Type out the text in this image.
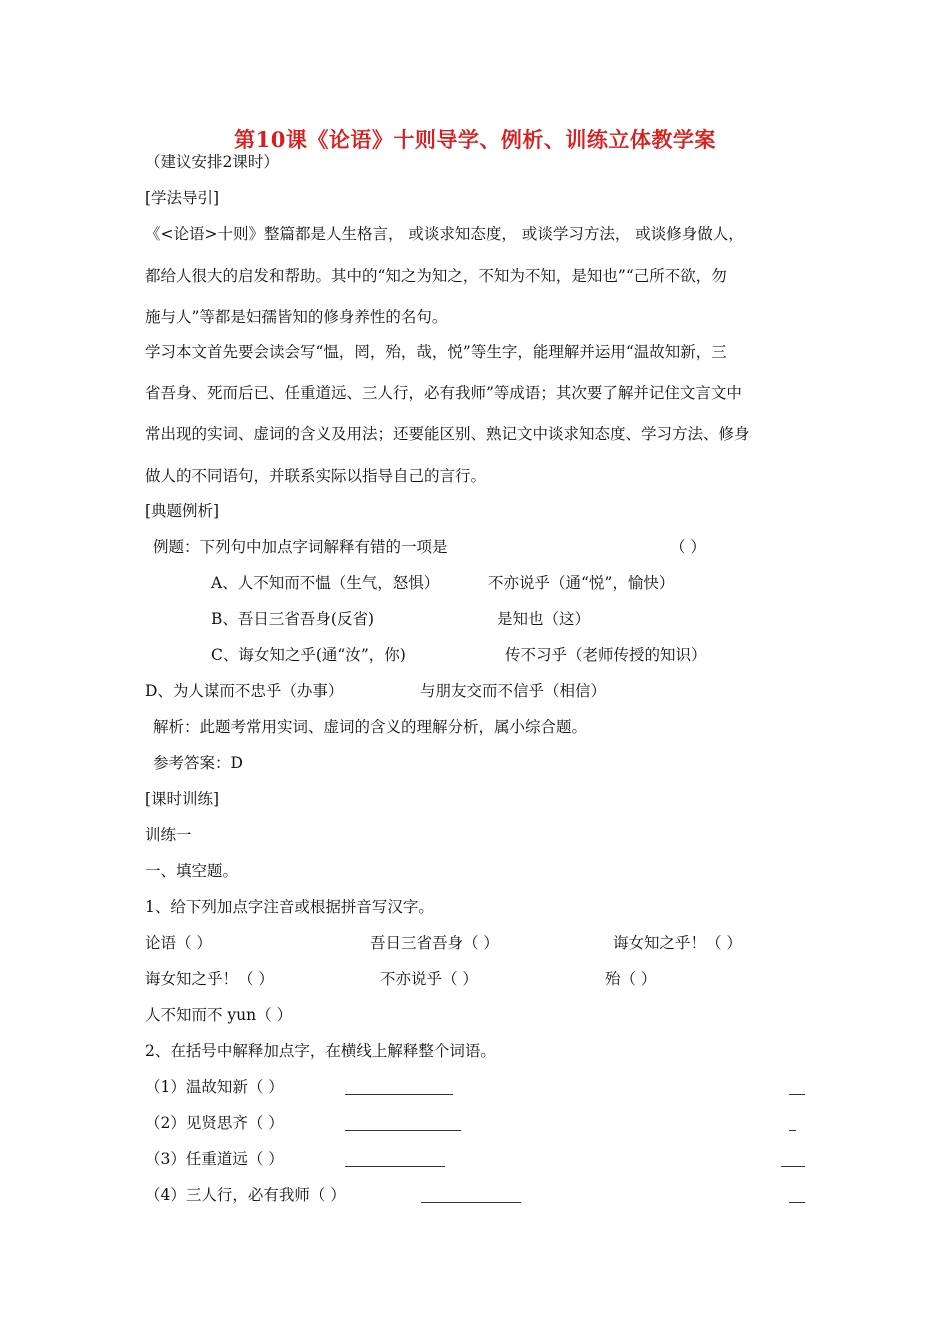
第10课《论语》十则导学、例析、训练立体教学案
（建议安排2课时）
[学法导引]
《<论语>十则》整篇都是人生格言， 或谈求知态度， 或谈学习方法， 或谈修身做人，
都给人很大的启发和帮助。其中的“知之为知之，不知为不知，是知也”“己所不欲，勿
施与人”等都是妇孺皆知的修身养性的名句。
学习本文首先要会读会写“愠，罔，殆，哉，悦”等生字，能理解并运用“温故知新，三
省吾身、死而后已、任重道远、三人行，必有我师”等成语；其次要了解并记住文言文中
常出现的实词、虚词的含义及用法；还要能区别、熟记文中谈求知态度、学习方法、修身
做人的不同语句，并联系实际以指导自己的言行。
[典题例析]
例题：下列句中加点字词解释有错的一项是	（ ）
A、人不知而不愠（生气，怒惧）	不亦说乎（通“悦”，愉快）
B、吾日三省吾身(反省)	是知也（这）
C、诲女知之乎(通“汝”，你)	传不习乎（老师传授的知识）
D、为人谋而不忠乎（办事）	与朋友交而不信乎（相信）
解析：此题考常用实词、虚词的含义的理解分析，属小综合题。
参考答案：D
[课时训练]
训练一
一、填空题。
1、给下列加点字注音或根据拼音写汉字。
论语（ ）	吾日三省吾身（ ）	诲女知之乎！（ ）
诲女知之乎！（ ）	不亦说乎（ ）	殆（ ）
人不知而不 yun（ ）
2、在括号中解释加点字，在横线上解释整个词语。
（1）温故知新（ ）
（2）见贤思齐（ ）
（3）任重道远（ ）
（4）三人行，必有我师（ ）
